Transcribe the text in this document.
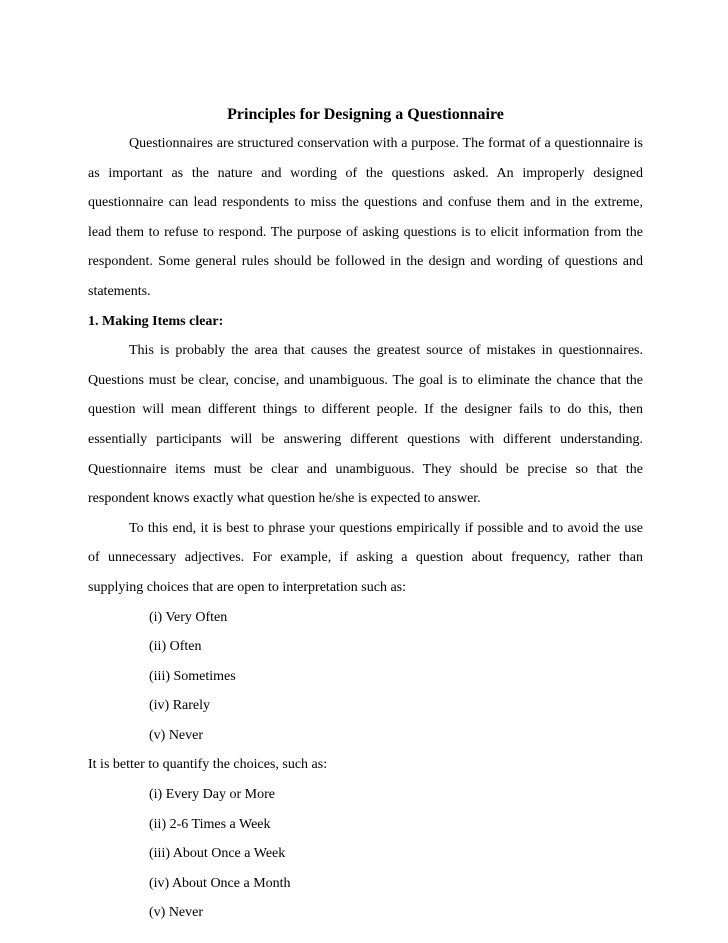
Principles for Designing a Questionnaire

Questionnaires are structured conservation with a purpose. The format of a questionnaire is as important as the nature and wording of the questions asked. An improperly designed questionnaire can lead respondents to miss the questions and confuse them and in the extreme, lead them to refuse to respond. The purpose of asking questions is to elicit information from the respondent. Some general rules should be followed in the design and wording of questions and statements.

1. Making Items clear:

This is probably the area that causes the greatest source of mistakes in questionnaires. Questions must be clear, concise, and unambiguous. The goal is to eliminate the chance that the question will mean different things to different people. If the designer fails to do this, then essentially participants will be answering different questions with different understanding. Questionnaire items must be clear and unambiguous. They should be precise so that the respondent knows exactly what question he/she is expected to answer.

To this end, it is best to phrase your questions empirically if possible and to avoid the use of unnecessary adjectives. For example, if asking a question about frequency, rather than supplying choices that are open to interpretation such as:

(i) Very Often
(ii) Often
(iii) Sometimes
(iv) Rarely
(v) Never

It is better to quantify the choices, such as:

(i) Every Day or More
(ii) 2-6 Times a Week
(iii) About Once a Week
(iv) About Once a Month
(v) Never
